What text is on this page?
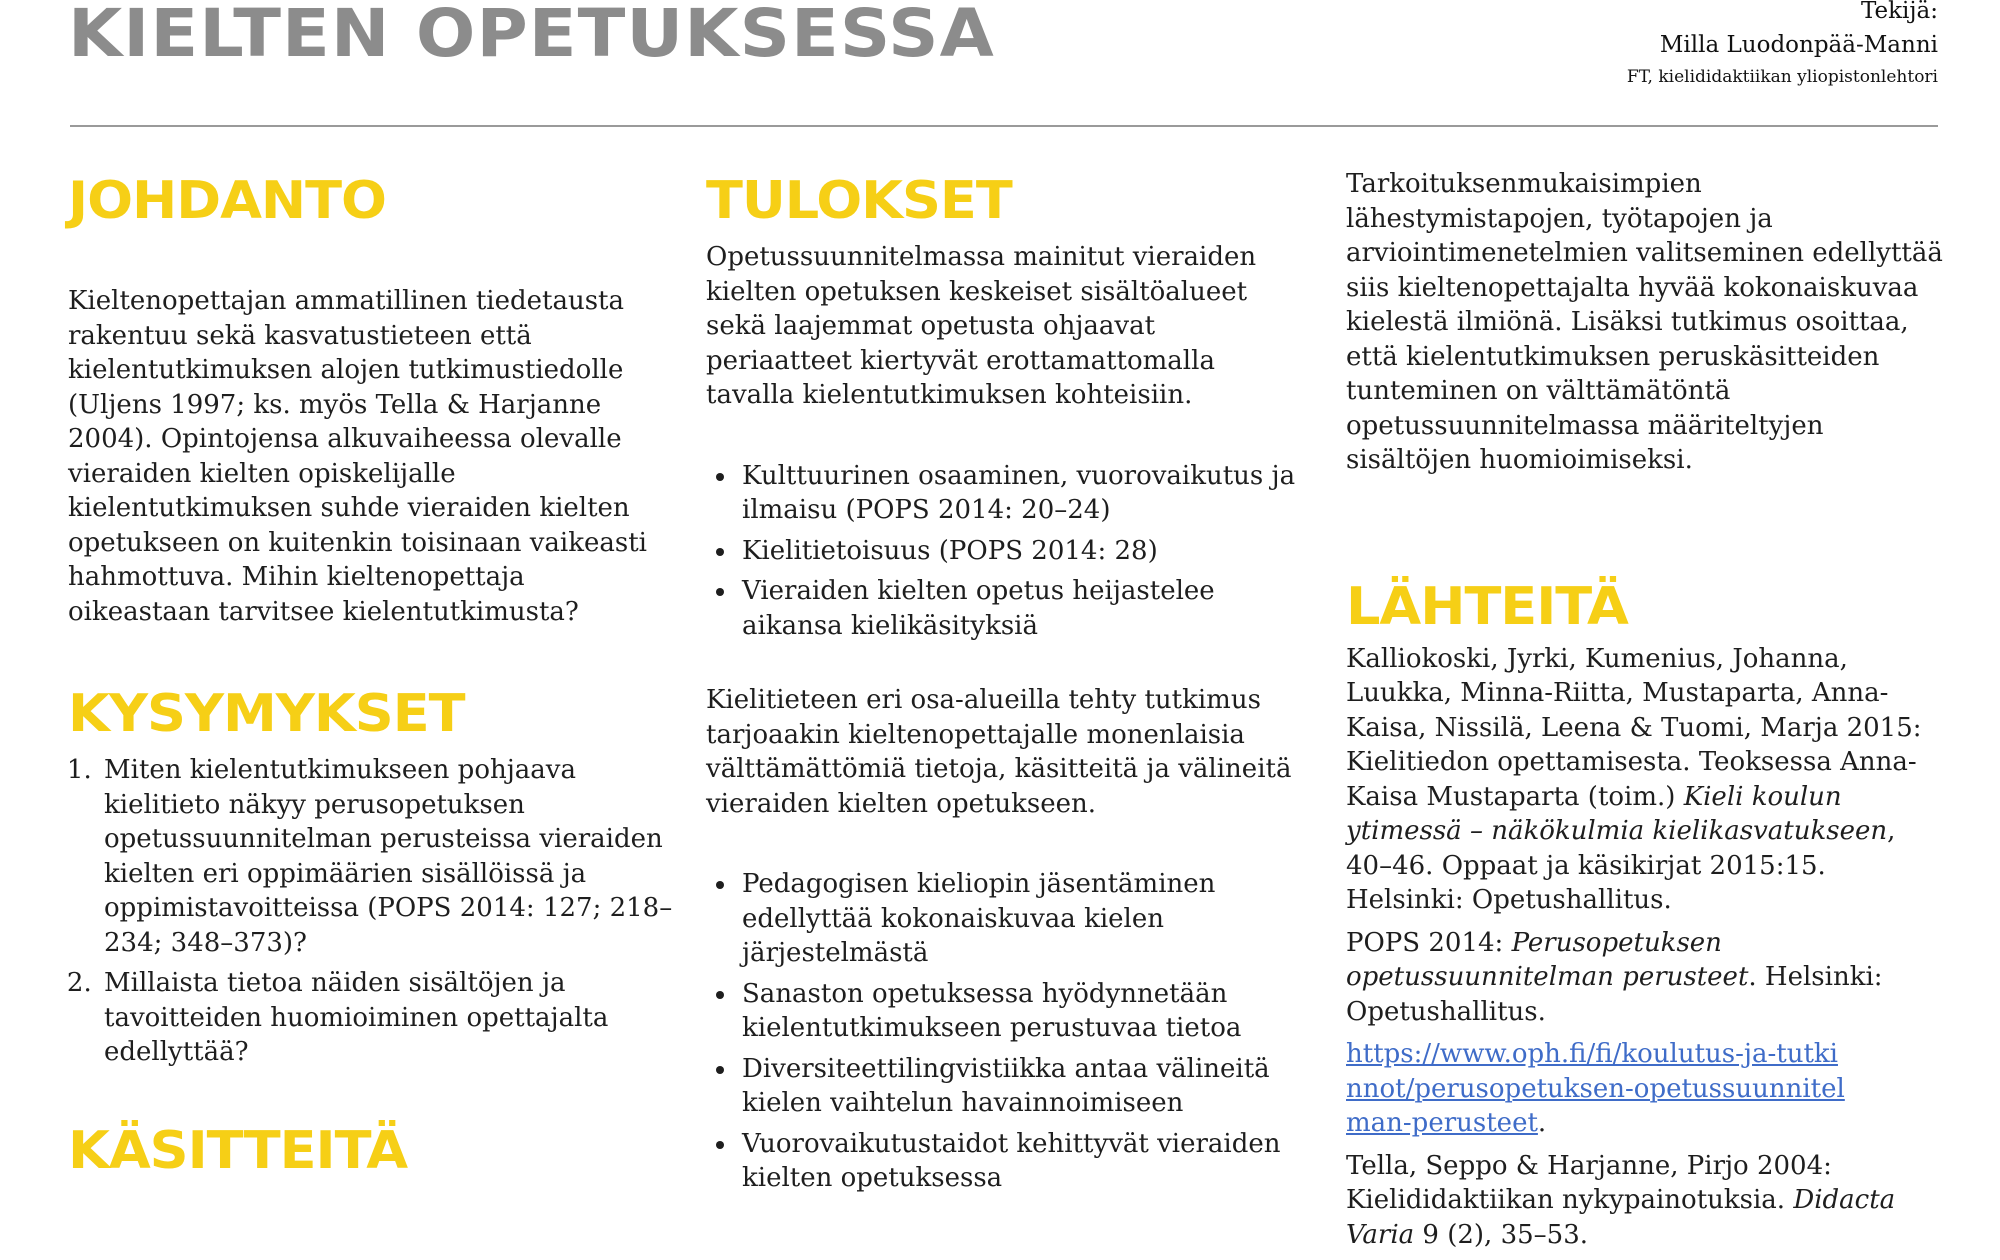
KIELTEN OPETUKSESSA	Tekijä:
Milla Luodonpää-Manni
FT, kielididaktiikan yliopistonlehtori
JOHDANTO

Kieltenopettajan ammatillinen tiedetausta rakentuu sekä kasvatustieteen että kielentutkimuksen alojen tutkimustiedolle (Uljens 1997; ks. myös Tella & Harjanne 2004). Opintojensa alkuvaiheessa olevalle vieraiden kielten opiskelijalle kielentutkimuksen suhde vieraiden kielten opetukseen on kuitenkin toisinaan vaikeasti hahmottuva. Mihin kieltenopettaja oikeastaan tarvitsee kielentutkimusta?

KYSYMYKSET
1. Miten kielentutkimukseen pohjaava kielitieto näkyy perusopetuksen opetussuunnitelman perusteissa vieraiden kielten eri oppimäärien sisällöissä ja oppimistavoitteissa (POPS 2014: 127; 218–234; 348–373)?
2. Millaista tietoa näiden sisältöjen ja tavoitteiden huomioiminen opettajalta edellyttää?
KÄSITTEITÄ
TULOKSET

Opetussuunnitelmassa mainitut vieraiden kielten opetuksen keskeiset sisältöalueet sekä laajemmat opetusta ohjaavat periaatteet kiertyvät erottamattomalla tavalla kielentutkimuksen kohteisiin.

• Kulttuurinen osaaminen, vuorovaikutus ja ilmaisu (POPS 2014: 20–24)
• Kielitietoisuus (POPS 2014: 28)
• Vieraiden kielten opetus heijastelee aikansa kielikäsityksiä

Kielitieteen eri osa-alueilla tehty tutkimus tarjoaakin kieltenopettajalle monenlaisia välttämättömiä tietoja, käsitteitä ja välineitä vieraiden kielten opetukseen.

• Pedagogisen kieliopin jäsentäminen edellyttää kokonaiskuvaa kielen järjestelmästä
• Sanaston opetuksessa hyödynnetään kielentutkimukseen perustuvaa tietoa
• Diversiteettilingvistiikka antaa välineitä kielen vaihtelun havainnoimiseen
• Vuorovaikutustaidot kehittyvät vieraiden kielten opetuksessa

Tarkoituksenmukaisimpien lähestymistapojen, työtapojen ja arviointimenetelmien valitseminen edellyttää siis kieltenopettajalta hyvää kokonaiskuvaa kielestä ilmiönä. Lisäksi tutkimus osoittaa, että kielentutkimuksen peruskäsitteiden tunteminen on välttämätöntä opetussuunnitelmassa määriteltyjen sisältöjen huomioimiseksi.

LÄHTEITÄ

Kalliokoski, Jyrki, Kumenius, Johanna, Luukka, Minna-Riitta, Mustaparta, Anna-Kaisa, Nissilä, Leena & Tuomi, Marja 2015: Kielitiedon opettamisesta. Teoksessa Anna-Kaisa Mustaparta (toim.) Kieli koulun ytimessä – näkökulmia kielikasvatukseen, 40–46. Oppaat ja käsikirjat 2015:15. Helsinki: Opetushallitus.

POPS 2014: Perusopetuksen opetussuunnitelman perusteet. Helsinki: Opetushallitus.

https://www.oph.fi/fi/koulutus-ja-tutkinnot/perusopetuksen-opetussuunnitelman-perusteet.

Tella, Seppo & Harjanne, Pirjo 2004: Kielididaktiikan nykypainotuksia. Didacta Varia 9 (2), 35–53.
